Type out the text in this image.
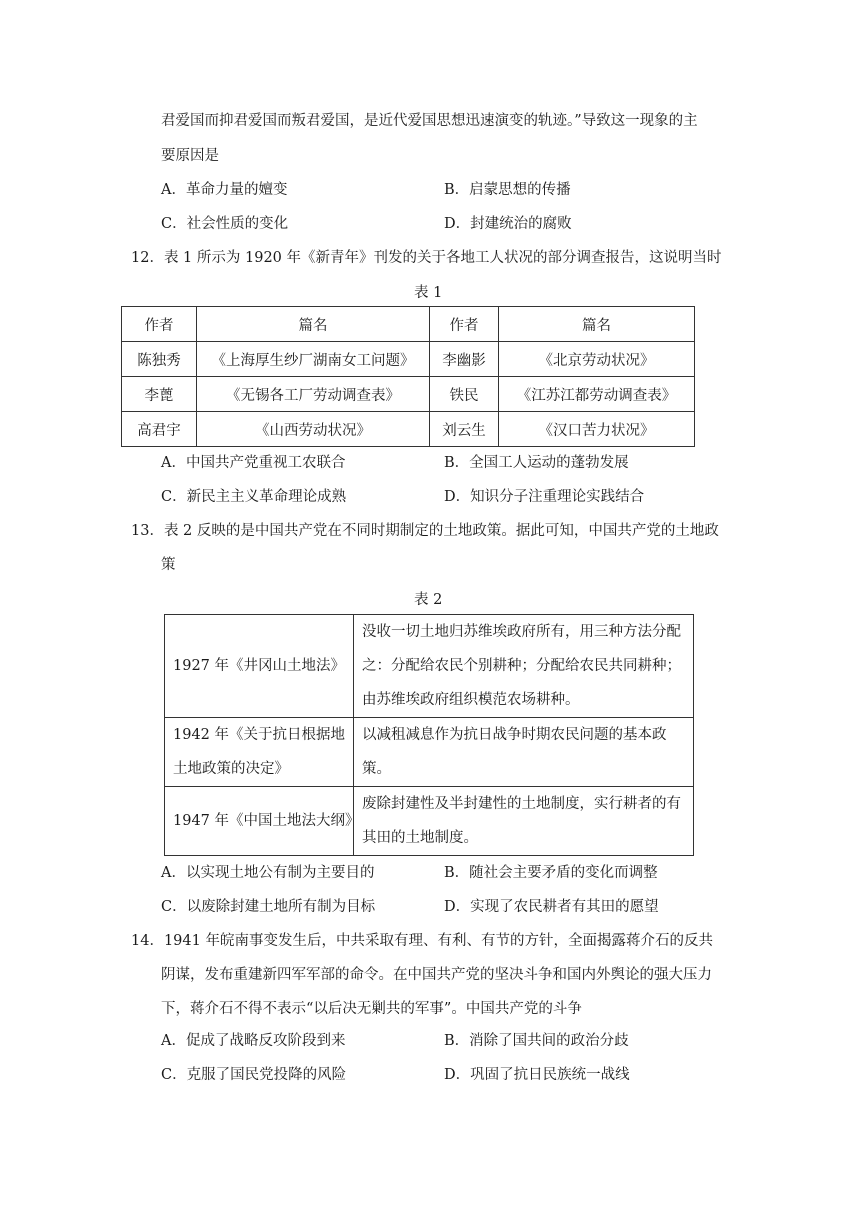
君爱国而抑君爱国而叛君爱国，是近代爱国思想迅速演变的轨迹。”导致这一现象的主
要原因是
A．革命力量的嬗变	B．启蒙思想的传播
C．社会性质的变化	D．封建统治的腐败
12．表 1 所示为 1920 年《新青年》刊发的关于各地工人状况的部分调查报告，这说明当时
表 1
作者	篇名	作者	篇名
陈独秀	《上海厚生纱厂湖南女工问题》	李幽影	《北京劳动状况》
李蓖	《无锡各工厂劳动调查表》	铁民	《江苏江都劳动调查表》
高君宇	《山西劳动状况》	刘云生	《汉口苦力状况》
A．中国共产党重视工农联合	B．全国工人运动的蓬勃发展
C．新民主主义革命理论成熟	D．知识分子注重理论实践结合
13．表 2 反映的是中国共产党在不同时期制定的土地政策。据此可知，中国共产党的土地政
策
表 2
1927 年《井冈山土地法》	没收一切土地归苏维埃政府所有，用三种方法分配之：分配给农民个别耕种；分配给农民共同耕种；由苏维埃政府组织模范农场耕种。
1942 年《关于抗日根据地土地政策的决定》	以减租减息作为抗日战争时期农民问题的基本政策。
1947 年《中国土地法大纲》	废除封建性及半封建性的土地制度，实行耕者的有其田的土地制度。
A．以实现土地公有制为主要目的	B．随社会主要矛盾的变化而调整
C．以废除封建土地所有制为目标	D．实现了农民耕者有其田的愿望
14．1941 年皖南事变发生后，中共采取有理、有利、有节的方针，全面揭露蒋介石的反共
阴谋，发布重建新四军军部的命令。在中国共产党的坚决斗争和国内外舆论的强大压力
下，蒋介石不得不表示“以后决无剿共的军事”。中国共产党的斗争
A．促成了战略反攻阶段到来	B．消除了国共间的政治分歧
C．克服了国民党投降的风险	D．巩固了抗日民族统一战线
